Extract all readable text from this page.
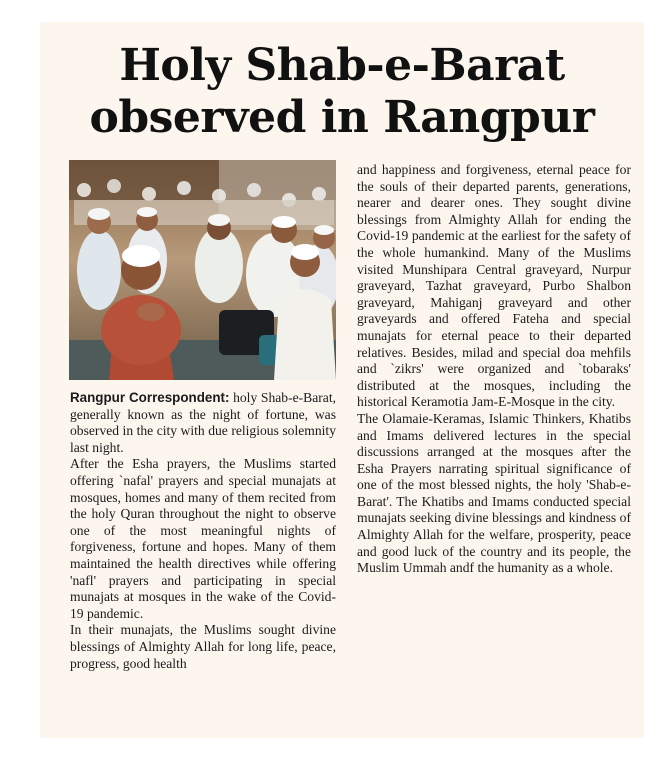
Holy Shab-e-Barat observed in Rangpur

Rangpur Correspondent: holy Shab-e-Barat, generally known as the night of fortune, was observed in the city with due religious solemnity last night.

After the Esha prayers, the Muslims started offering `nafal' prayers and special munajats at mosques, homes and many of them recited from the holy Quran throughout the night to observe one of the most meaningful nights of forgiveness, fortune and hopes. Many of them maintained the health directives while offering 'nafl' prayers and participating in special munajats at mosques in the wake of the Covid-19 pandemic.

In their munajats, the Muslims sought divine blessings of Almighty Allah for long life, peace, progress, good health

and happiness and forgiveness, eternal peace for the souls of their departed parents, generations, nearer and dearer ones. They sought divine blessings from Almighty Allah for ending the Covid-19 pandemic at the earliest for the safety of the whole humankind. Many of the Muslims visited Munshipara Central graveyard, Nurpur graveyard, Tazhat graveyard, Purbo Shalbon graveyard, Mahiganj graveyard and other graveyards and offered Fateha and special munajats for eternal peace to their departed relatives. Besides, milad and special doa mehfils and `zikrs' were organized and `tobaraks' distributed at the mosques, including the historical Keramotia Jam-E-Mosque in the city.

The Olamaie-Keramas, Islamic Thinkers, Khatibs and Imams delivered lectures in the special discussions arranged at the mosques after the Esha Prayers narrating spiritual significance of one of the most blessed nights, the holy 'Shab-e-Barat'. The Khatibs and Imams conducted special munajats seeking divine blessings and kindness of Almighty Allah for the welfare, prosperity, peace and good luck of the country and its people, the Muslim Ummah andf the humanity as a whole.
